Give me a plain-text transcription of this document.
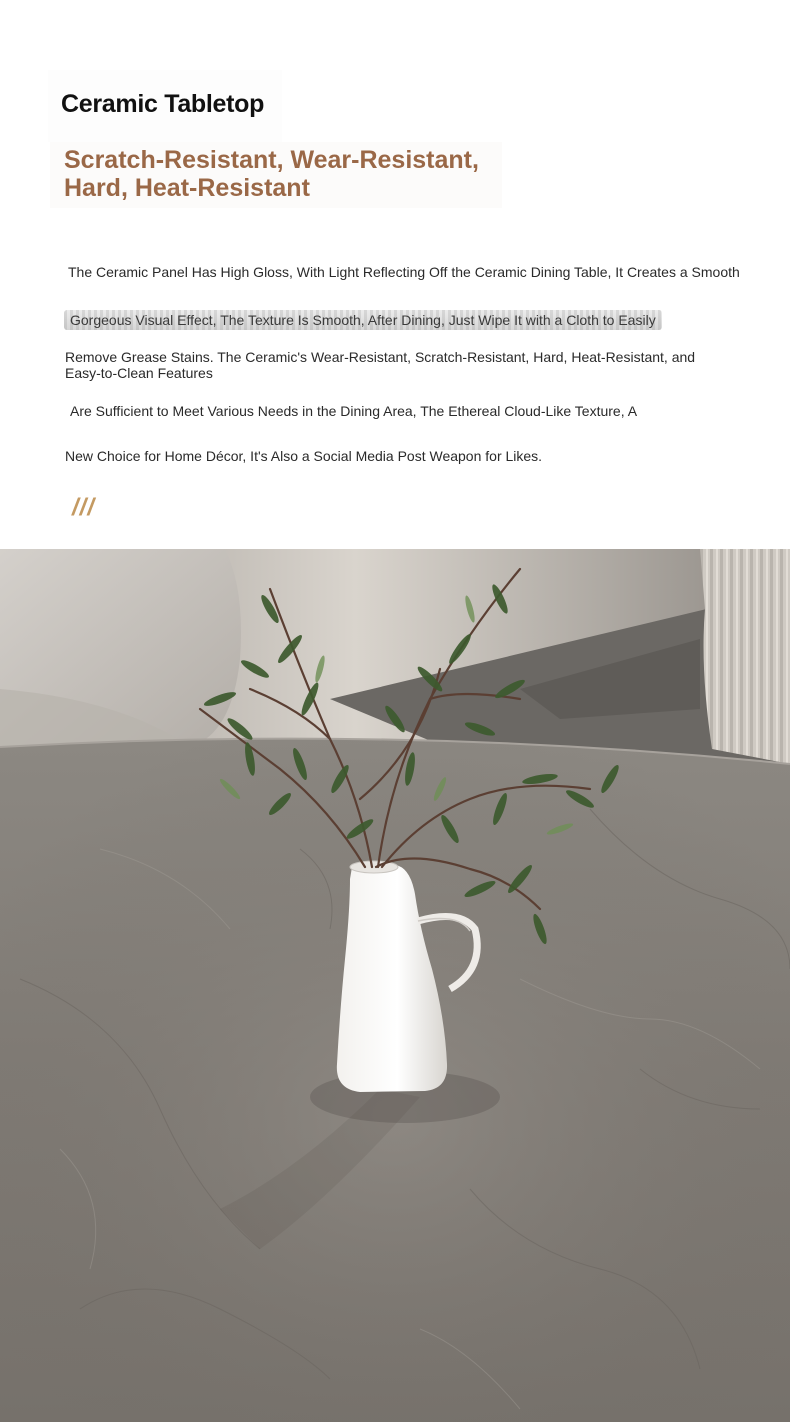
Ceramic Tabletop
Scratch-Resistant, Wear-Resistant,
Hard, Heat-Resistant

The Ceramic Panel Has High Gloss, With Light Reflecting Off the Ceramic Dining Table, It Creates a Smooth

Gorgeous Visual Effect, The Texture Is Smooth, After Dining, Just Wipe It with a Cloth to Easily

Remove Grease Stains. The Ceramic's Wear-Resistant, Scratch-Resistant, Hard, Heat-Resistant, and Easy-to-Clean Features

Are Sufficient to Meet Various Needs in the Dining Area, The Ethereal Cloud-Like Texture, A

New Choice for Home Décor, It's Also a Social Media Post Weapon for Likes.

///
